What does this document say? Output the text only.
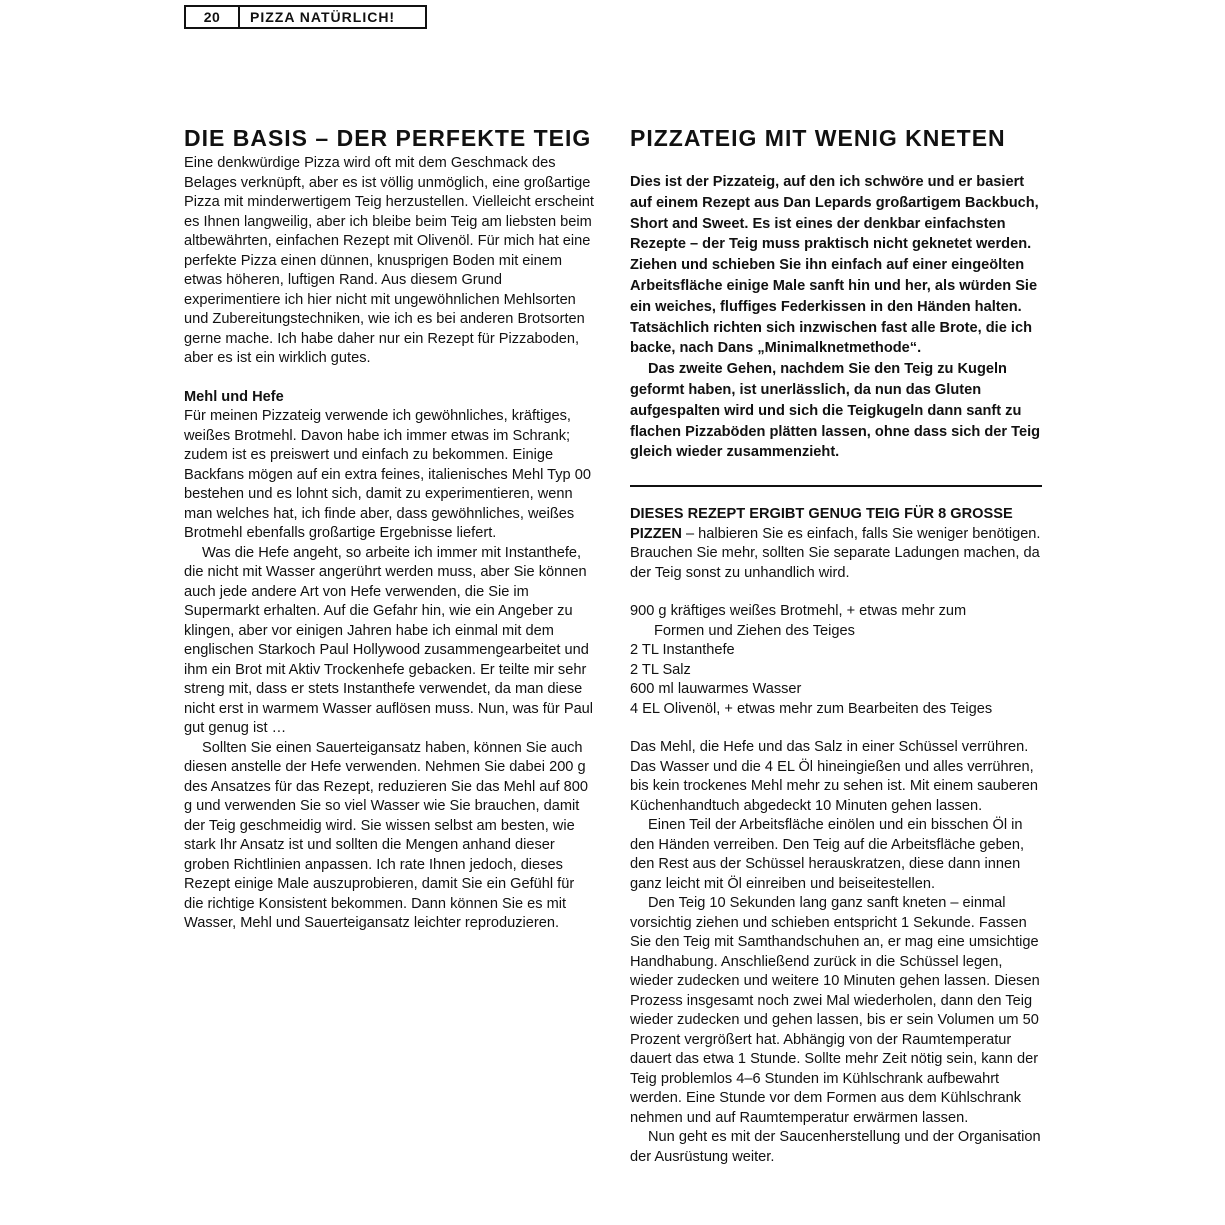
20	PIZZA NATÜRLICH!
DIE BASIS – DER PERFEKTE TEIG

Eine denkwürdige Pizza wird oft mit dem Geschmack des Belages verknüpft, aber es ist völlig unmöglich, eine großartige Pizza mit minderwertigem Teig herzustellen. Vielleicht erscheint es Ihnen langweilig, aber ich bleibe beim Teig am liebsten beim altbewährten, einfachen Rezept mit Olivenöl. Für mich hat eine perfekte Pizza einen dünnen, knusprigen Boden mit einem etwas höheren, luftigen Rand. Aus diesem Grund experimentiere ich hier nicht mit ungewöhnlichen Mehlsorten und Zubereitungstechniken, wie ich es bei anderen Brotsorten gerne mache. Ich habe daher nur ein Rezept für Pizzaboden, aber es ist ein wirklich gutes.

Mehl und Hefe

Für meinen Pizzateig verwende ich gewöhnliches, kräftiges, weißes Brotmehl. Davon habe ich immer etwas im Schrank; zudem ist es preiswert und einfach zu bekommen. Einige Backfans mögen auf ein extra feines, italienisches Mehl Typ 00 bestehen und es lohnt sich, damit zu experimentieren, wenn man welches hat, ich finde aber, dass gewöhnliches, weißes Brotmehl ebenfalls großartige Ergebnisse liefert.

Was die Hefe angeht, so arbeite ich immer mit Instanthefe, die nicht mit Wasser angerührt werden muss, aber Sie können auch jede andere Art von Hefe verwenden, die Sie im Supermarkt erhalten. Auf die Gefahr hin, wie ein Angeber zu klingen, aber vor einigen Jahren habe ich einmal mit dem englischen Starkoch Paul Hollywood zusammengearbeitet und ihm ein Brot mit Aktiv Trockenhefe gebacken. Er teilte mir sehr streng mit, dass er stets Instanthefe verwendet, da man diese nicht erst in warmem Wasser auflösen muss. Nun, was für Paul gut genug ist …

Sollten Sie einen Sauerteigansatz haben, können Sie auch diesen anstelle der Hefe verwenden. Nehmen Sie dabei 200 g des Ansatzes für das Rezept, reduzieren Sie das Mehl auf 800 g und verwenden Sie so viel Wasser wie Sie brauchen, damit der Teig geschmeidig wird. Sie wissen selbst am besten, wie stark Ihr Ansatz ist und sollten die Mengen anhand dieser groben Richtlinien anpassen. Ich rate Ihnen jedoch, dieses Rezept einige Male auszuprobieren, damit Sie ein Gefühl für die richtige Konsistent bekommen. Dann können Sie es mit Wasser, Mehl und Sauerteigansatz leichter reproduzieren.

PIZZATEIG MIT WENIG KNETEN

Dies ist der Pizzateig, auf den ich schwöre und er basiert auf einem Rezept aus Dan Lepards großartigem Backbuch, Short and Sweet. Es ist eines der denkbar einfachsten Rezepte – der Teig muss praktisch nicht geknetet werden. Ziehen und schieben Sie ihn einfach auf einer eingeölten Arbeitsfläche einige Male sanft hin und her, als würden Sie ein weiches, fluffiges Federkissen in den Händen halten. Tatsächlich richten sich inzwischen fast alle Brote, die ich backe, nach Dans „Minimalknetmethode“.

Das zweite Gehen, nachdem Sie den Teig zu Kugeln geformt haben, ist unerlässlich, da nun das Gluten aufgespalten wird und sich die Teigkugeln dann sanft zu flachen Pizzaböden plätten lassen, ohne dass sich der Teig gleich wieder zusammenzieht.

DIESES REZEPT ERGIBT GENUG TEIG FÜR 8 GROSSE PIZZEN – halbieren Sie es einfach, falls Sie weniger benötigen. Brauchen Sie mehr, sollten Sie separate Ladungen machen, da der Teig sonst zu unhandlich wird.

900 g kräftiges weißes Brotmehl, + etwas mehr zum
Formen und Ziehen des Teiges
2 TL Instanthefe
2 TL Salz
600 ml lauwarmes Wasser
4 EL Olivenöl, + etwas mehr zum Bearbeiten des Teiges

Das Mehl, die Hefe und das Salz in einer Schüssel verrühren. Das Wasser und die 4 EL Öl hineingießen und alles verrühren, bis kein trockenes Mehl mehr zu sehen ist. Mit einem sauberen Küchenhandtuch abgedeckt 10 Minuten gehen lassen.

Einen Teil der Arbeitsfläche einölen und ein bisschen Öl in den Händen verreiben. Den Teig auf die Arbeitsfläche geben, den Rest aus der Schüssel herauskratzen, diese dann innen ganz leicht mit Öl einreiben und beiseitestellen.

Den Teig 10 Sekunden lang ganz sanft kneten – einmal vorsichtig ziehen und schieben entspricht 1 Sekunde. Fassen Sie den Teig mit Samthandschuhen an, er mag eine umsichtige Handhabung. Anschließend zurück in die Schüssel legen, wieder zudecken und weitere 10 Minuten gehen lassen. Diesen Prozess insgesamt noch zwei Mal wiederholen, dann den Teig wieder zudecken und gehen lassen, bis er sein Volumen um 50 Prozent vergrößert hat. Abhängig von der Raumtemperatur dauert das etwa 1 Stunde. Sollte mehr Zeit nötig sein, kann der Teig problemlos 4–6 Stunden im Kühlschrank aufbewahrt werden. Eine Stunde vor dem Formen aus dem Kühlschrank nehmen und auf Raumtemperatur erwärmen lassen.

Nun geht es mit der Saucenherstellung und der Organisation der Ausrüstung weiter.
